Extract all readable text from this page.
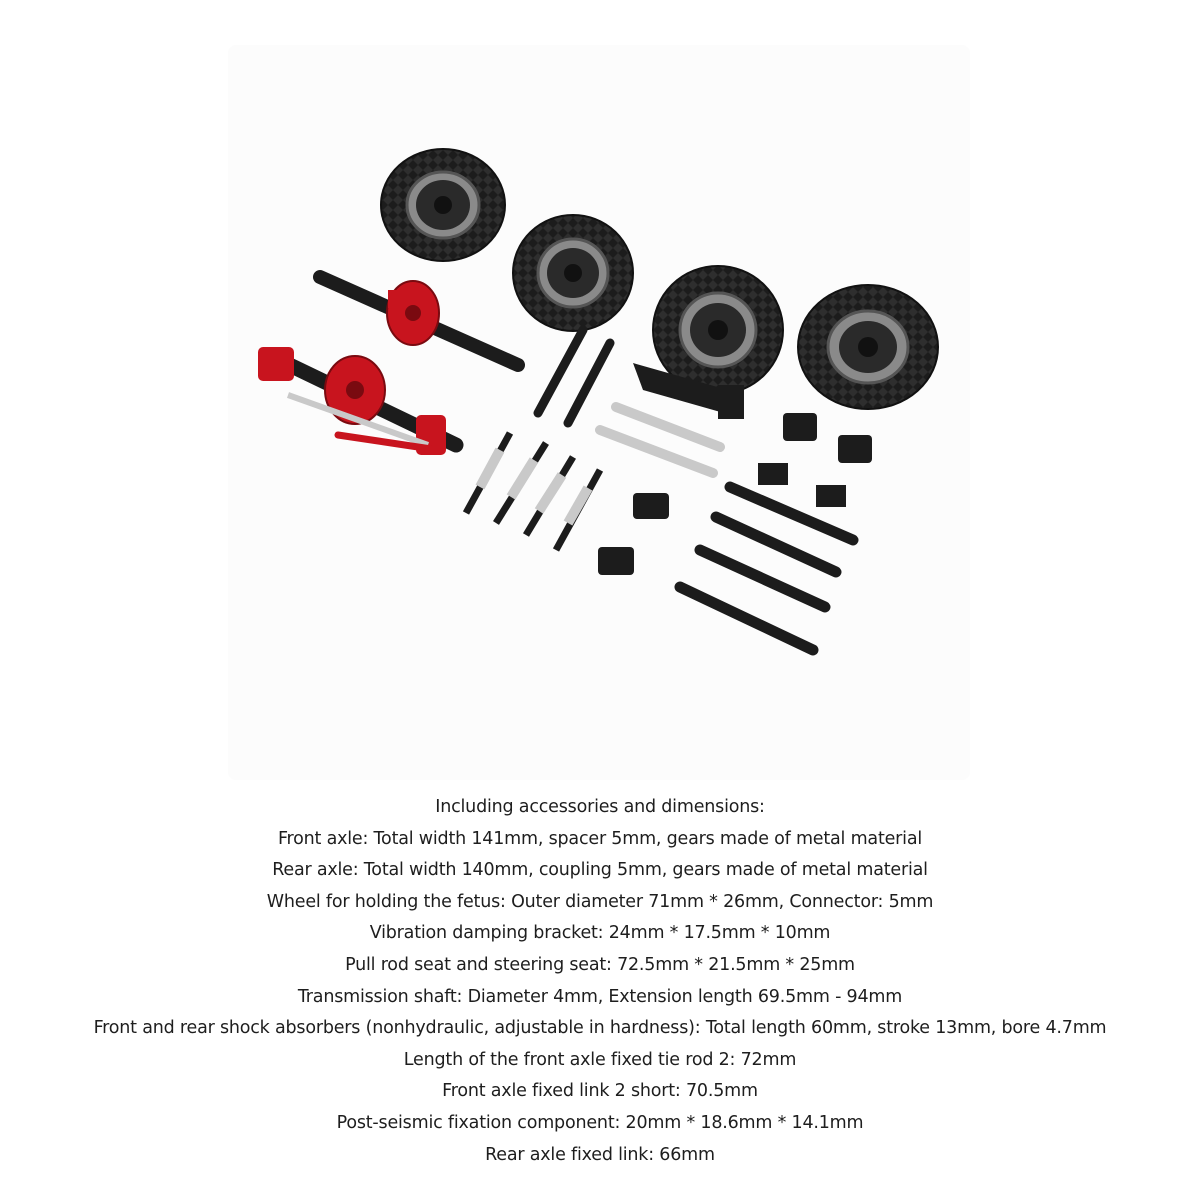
Including accessories and dimensions:
Front axle: Total width 141mm, spacer 5mm, gears made of metal material
Rear axle: Total width 140mm, coupling 5mm, gears made of metal material
Wheel for holding the fetus: Outer diameter 71mm * 26mm, Connector: 5mm
Vibration damping bracket: 24mm * 17.5mm * 10mm
Pull rod seat and steering seat: 72.5mm * 21.5mm * 25mm
Transmission shaft: Diameter 4mm, Extension length 69.5mm - 94mm
Front and rear shock absorbers (nonhydraulic, adjustable in hardness): Total length 60mm, stroke 13mm, bore 4.7mm
Length of the front axle fixed tie rod 2: 72mm
Front axle fixed link 2 short: 70.5mm
Post-seismic fixation component: 20mm * 18.6mm * 14.1mm
Rear axle fixed link: 66mm
